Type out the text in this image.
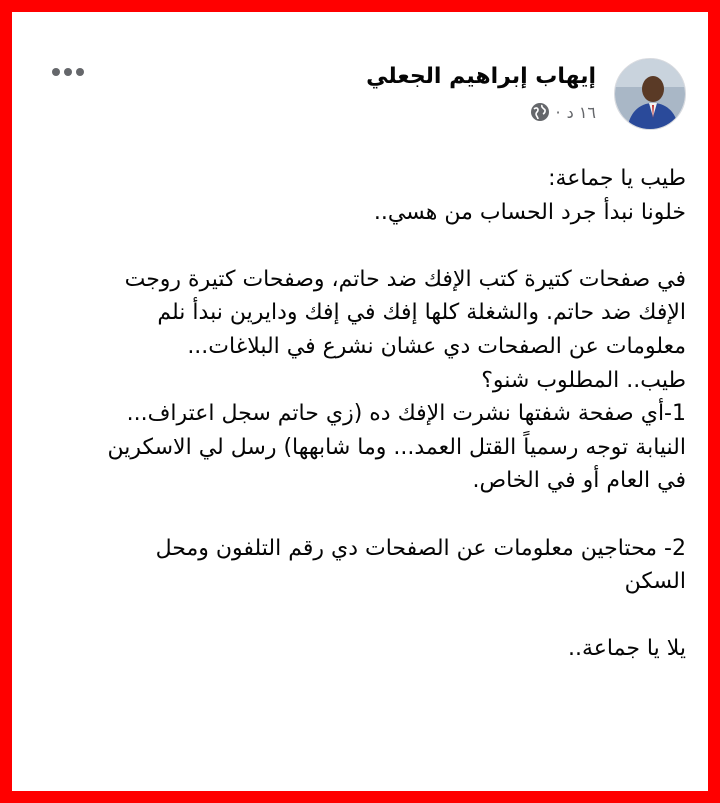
إيهاب إبراهيم الجعلي
١٦ د
·
طيب يا جماعة:
خلونا نبدأ جرد الحساب من هسي..
في صفحات كتيرة كتب الإفك ضد حاتم، وصفحات كتيرة روجت
الإفك ضد حاتم. والشغلة كلها إفك في إفك ودايرين نبدأ نلم
معلومات عن الصفحات دي عشان نشرع في البلاغات...
طيب.. المطلوب شنو؟
1-أي صفحة شفتها نشرت الإفك ده (زي حاتم سجل اعتراف...
النيابة توجه رسمياً القتل العمد... وما شابهها) رسل لي الاسكرين
في العام أو في الخاص.
2- محتاجين معلومات عن الصفحات دي رقم التلفون ومحل
السكن
يلا يا جماعة..
